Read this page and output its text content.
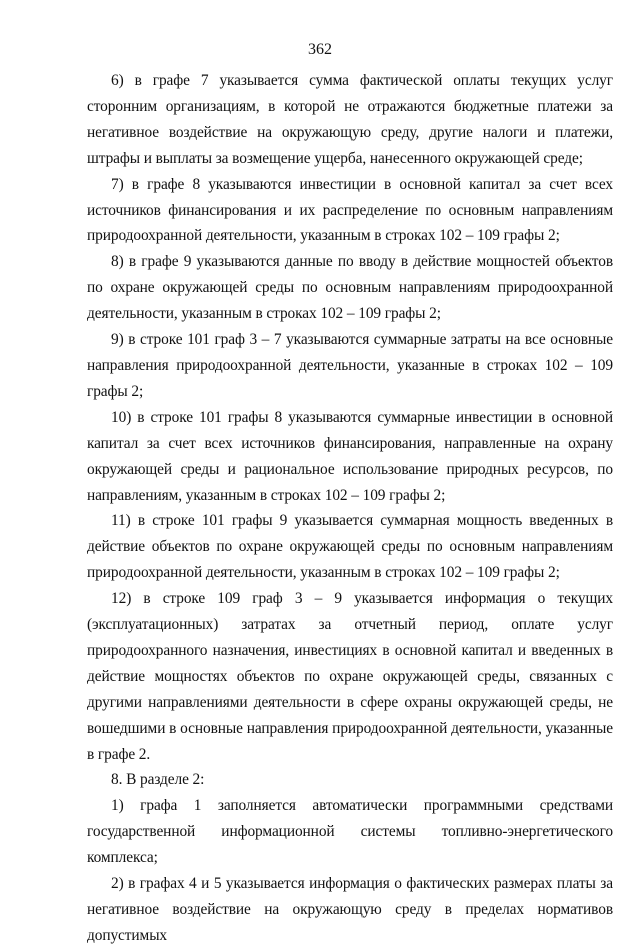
362

6) в графе 7 указывается сумма фактической оплаты текущих услуг сторонним организациям, в которой не отражаются бюджетные платежи за негативное воздействие на окружающую среду, другие налоги и платежи, штрафы и выплаты за возмещение ущерба, нанесенного окружающей среде;

7) в графе 8 указываются инвестиции в основной капитал за счет всех источников финансирования и их распределение по основным направлениям природоохранной деятельности, указанным в строках 102 – 109 графы 2;

8) в графе 9 указываются данные по вводу в действие мощностей объектов по охране окружающей среды по основным направлениям природоохранной деятельности, указанным в строках 102 – 109 графы 2;

9) в строке 101 граф 3 – 7 указываются суммарные затраты на все основные направления природоохранной деятельности, указанные в строках 102 – 109 графы 2;

10) в строке 101 графы 8 указываются суммарные инвестиции в основной капитал за счет всех источников финансирования, направленные на охрану окружающей среды и рациональное использование природных ресурсов, по направлениям, указанным в строках 102 – 109 графы 2;

11) в строке 101 графы 9 указывается суммарная мощность введенных в действие объектов по охране окружающей среды по основным направлениям природоохранной деятельности, указанным в строках 102 – 109 графы 2;

12) в строке 109 граф 3 – 9 указывается информация о текущих (эксплуатационных) затратах за отчетный период, оплате услуг природоохранного назначения, инвестициях в основной капитал и введенных в действие мощностях объектов по охране окружающей среды, связанных с другими направлениями деятельности в сфере охраны окружающей среды, не вошедшими в основные направления природоохранной деятельности, указанные в графе 2.

8. В разделе 2:

1) графа 1 заполняется автоматически программными средствами государственной информационной системы топливно-энергетического комплекса;

2) в графах 4 и 5 указывается информация о фактических размерах платы за негативное воздействие на окружающую среду в пределах нормативов допустимых
